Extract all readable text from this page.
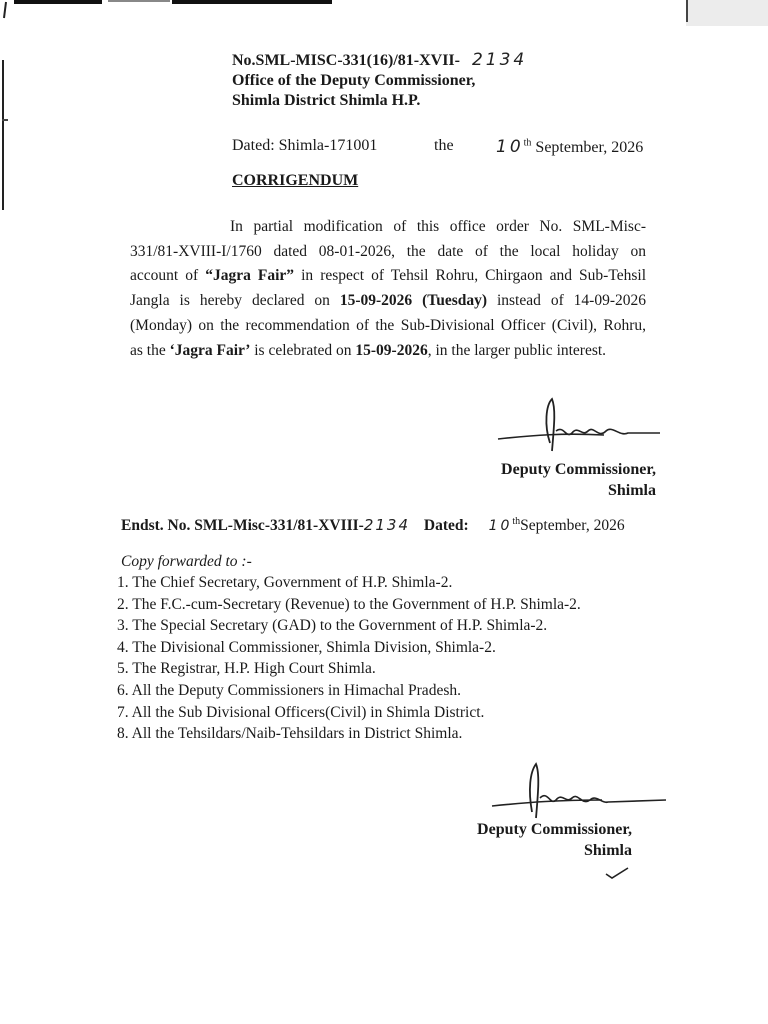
No.SML-MISC-331(16)/81-XVII- 2134
Office of the Deputy Commissioner,
Shimla District Shimla H.P.
Dated: Shimla-171001	the 10th September, 2026
CORRIGENDUM
In partial modification of this office order No. SML-Misc-
331/81-XVIII-I/1760 dated 08-01-2026, the date of the local holiday on
account of “Jagra Fair” in respect of Tehsil Rohru, Chirgaon and Sub-Tehsil
Jangla is hereby declared on 15-09-2026 (Tuesday) instead of 14-09-2026
(Monday) on the recommendation of the Sub-Divisional Officer (Civil), Rohru,
as the ‘Jagra Fair’ is celebrated on 15-09-2026, in the larger public interest.
Deputy Commissioner,
Shimla
Endst. No. SML-Misc-331/81-XVIII-2134 Dated: 10thSeptember, 2026
Copy forwarded to :-
1. The Chief Secretary, Government of H.P. Shimla-2.
2. The F.C.-cum-Secretary (Revenue) to the Government of H.P. Shimla-2.
3. The Special Secretary (GAD) to the Government of H.P. Shimla-2.
4. The Divisional Commissioner, Shimla Division, Shimla-2.
5. The Registrar, H.P. High Court Shimla.
6. All the Deputy Commissioners in Himachal Pradesh.
7. All the Sub Divisional Officers(Civil) in Shimla District.
8. All the Tehsildars/Naib-Tehsildars in District Shimla.
Deputy Commissioner,
Shimla
